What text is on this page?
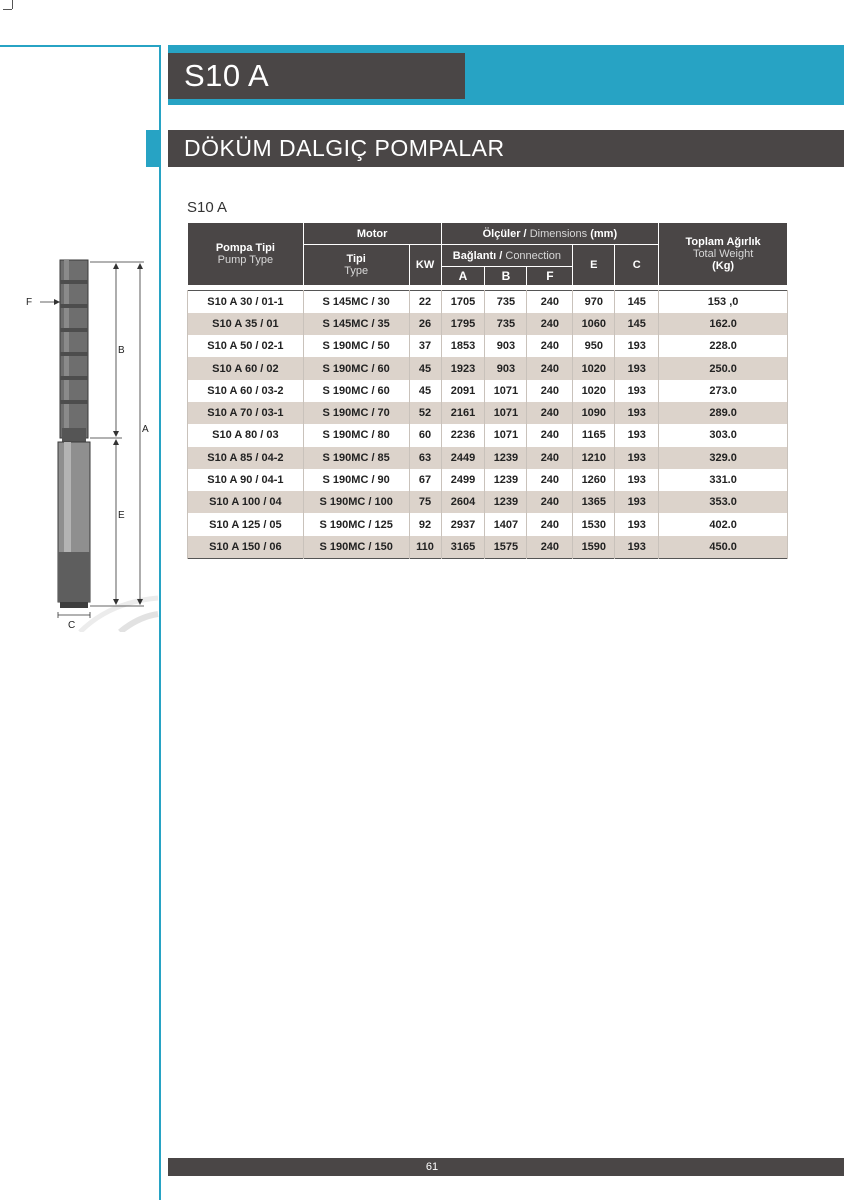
S10 A
DÖKÜM DALGIÇ POMPALAR
S10 A
F
B
A
E
C
Pompa Tipi
Pump Type	Motor		Ölçüler / Dimensions (mm)					Toplam Ağırlık
Total Weight
(Kg)
	Tipi
Type	KW	Bağlantı / Connection			E	C	
			A	B	F			

S10 A 30 / 01-1	S 145MC / 30	22	1705	735	240	970	145	153 ,0
S10 A 35 / 01	S 145MC / 35	26	1795	735	240	1060	145	162.0
S10 A 50 / 02-1	S 190MC / 50	37	1853	903	240	950	193	228.0
S10 A 60 / 02	S 190MC / 60	45	1923	903	240	1020	193	250.0
S10 A 60 / 03-2	S 190MC / 60	45	2091	1071	240	1020	193	273.0
S10 A 70 / 03-1	S 190MC / 70	52	2161	1071	240	1090	193	289.0
S10 A 80 / 03	S 190MC / 80	60	2236	1071	240	1165	193	303.0
S10 A 85 / 04-2	S 190MC / 85	63	2449	1239	240	1210	193	329.0
S10 A 90 / 04-1	S 190MC / 90	67	2499	1239	240	1260	193	331.0
S10 A 100 / 04	S 190MC / 100	75	2604	1239	240	1365	193	353.0
S10 A 125 / 05	S 190MC / 125	92	2937	1407	240	1530	193	402.0
S10 A 150 / 06	S 190MC / 150	110	3165	1575	240	1590	193	450.0
61
